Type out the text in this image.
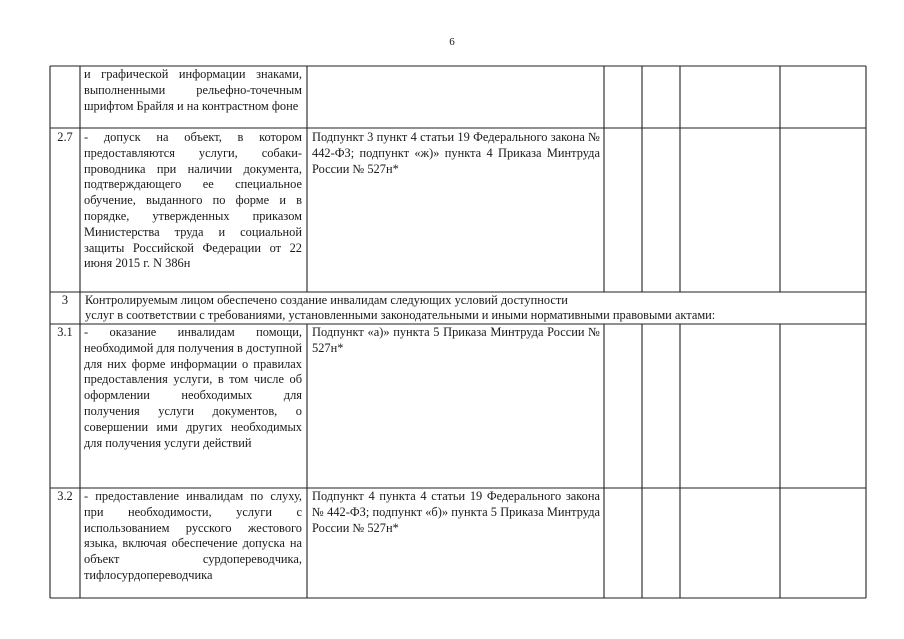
6
и графической информации знаками, выполненными рельефно-точечным шрифтом Брайля и на контрастном фоне
2.7 - допуск на объект, в котором предоставляются услуги, собаки-проводника при наличии документа, подтверждающего ее специальное обучение, выданного по форме и в порядке, утвержденных приказом Министерства труда и социальной защиты Российской Федерации от 22 июня 2015 г. N 386н
Подпункт 3 пункт 4 статьи 19 Федерального закона № 442-ФЗ; подпункт «ж)» пункта 4 Приказа Минтруда России № 527н*
3	Контролируемым лицом обеспечено создание инвалидам следующих условий доступности
услуг в соответствии с требованиями, установленными законодательными и иными нормативными правовыми актами:
3.1 - оказание инвалидам помощи, необходимой для получения в доступной для них форме информации о правилах предоставления услуги, в том числе об оформлении необходимых для получения услуги документов, о совершении ими других необходимых для получения услуги действий
Подпункт «а)» пункта 5 Приказа Минтруда России № 527н*
3.2 - предоставление инвалидам по слуху, при необходимости, услуги с использованием русского жестового языка, включая обеспечение допуска на объект сурдопереводчика, тифлосурдопереводчика
Подпункт 4 пункта 4 статьи 19 Федерального закона № 442-ФЗ; подпункт «б)» пункта 5 Приказа Минтруда России № 527н*
